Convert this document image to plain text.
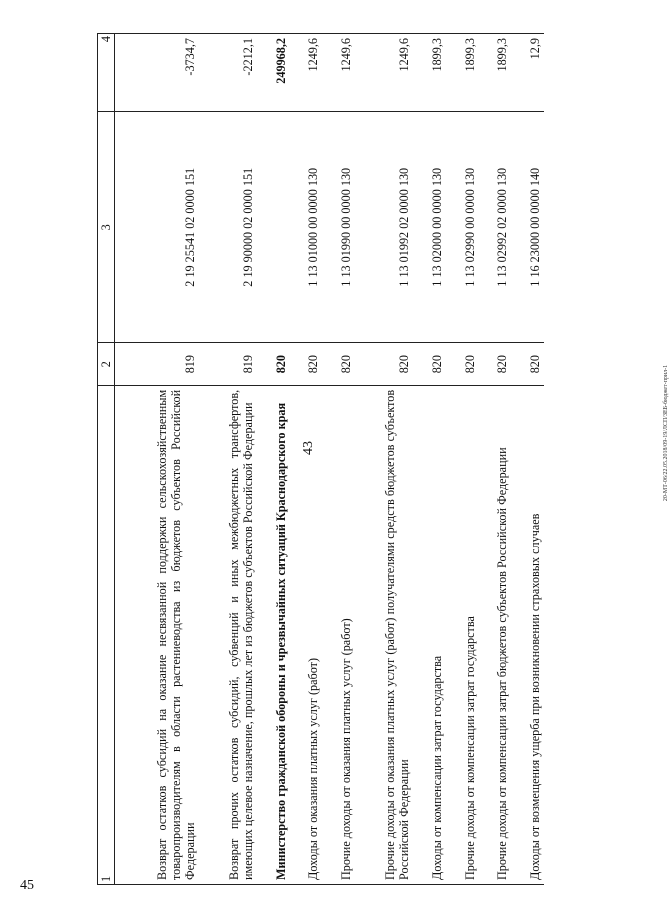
43
45
20-МТ-06/22.05.2018/09-19/ЛСП/ЗЕБ-бюджет-прил-1
1	2	3	4
Возврат остатков субсидий на оказание несвязанной поддержки сельскохозяйственным товаропроизводителям в области растениеводства из бюджетов субъектов Российской Федерации	819	2 19 25541 02 0000 151	-3734,7
Возврат прочих остатков субсидий, субвенций и иных межбюджетных трансфертов, имеющих целевое назначение, прошлых лет из бюджетов субъектов Российской Федерации	819	2 19 90000 02 0000 151	-2212,1
Министерство гражданской обороны и чрезвычайных ситуаций Краснодарского края	820		249968,2
Доходы от оказания платных услуг (работ)	820	1 13 01000 00 0000 130	1249,6
Прочие доходы от оказания платных услуг (работ)	820	1 13 01990 00 0000 130	1249,6
Прочие доходы от оказания платных услуг (работ) получателями средств бюджетов субъектов Российской Федерации	820	1 13 01992 02 0000 130	1249,6
Доходы от компенсации затрат государства	820	1 13 02000 00 0000 130	1899,3
Прочие доходы от компенсации затрат государства	820	1 13 02990 00 0000 130	1899,3
Прочие доходы от компенсации затрат бюджетов субъектов Российской Федерации	820	1 13 02992 02 0000 130	1899,3
Доходы от возмещения ущерба при возникновении страховых случаев	820	1 16 23000 00 0000 140	12,9
